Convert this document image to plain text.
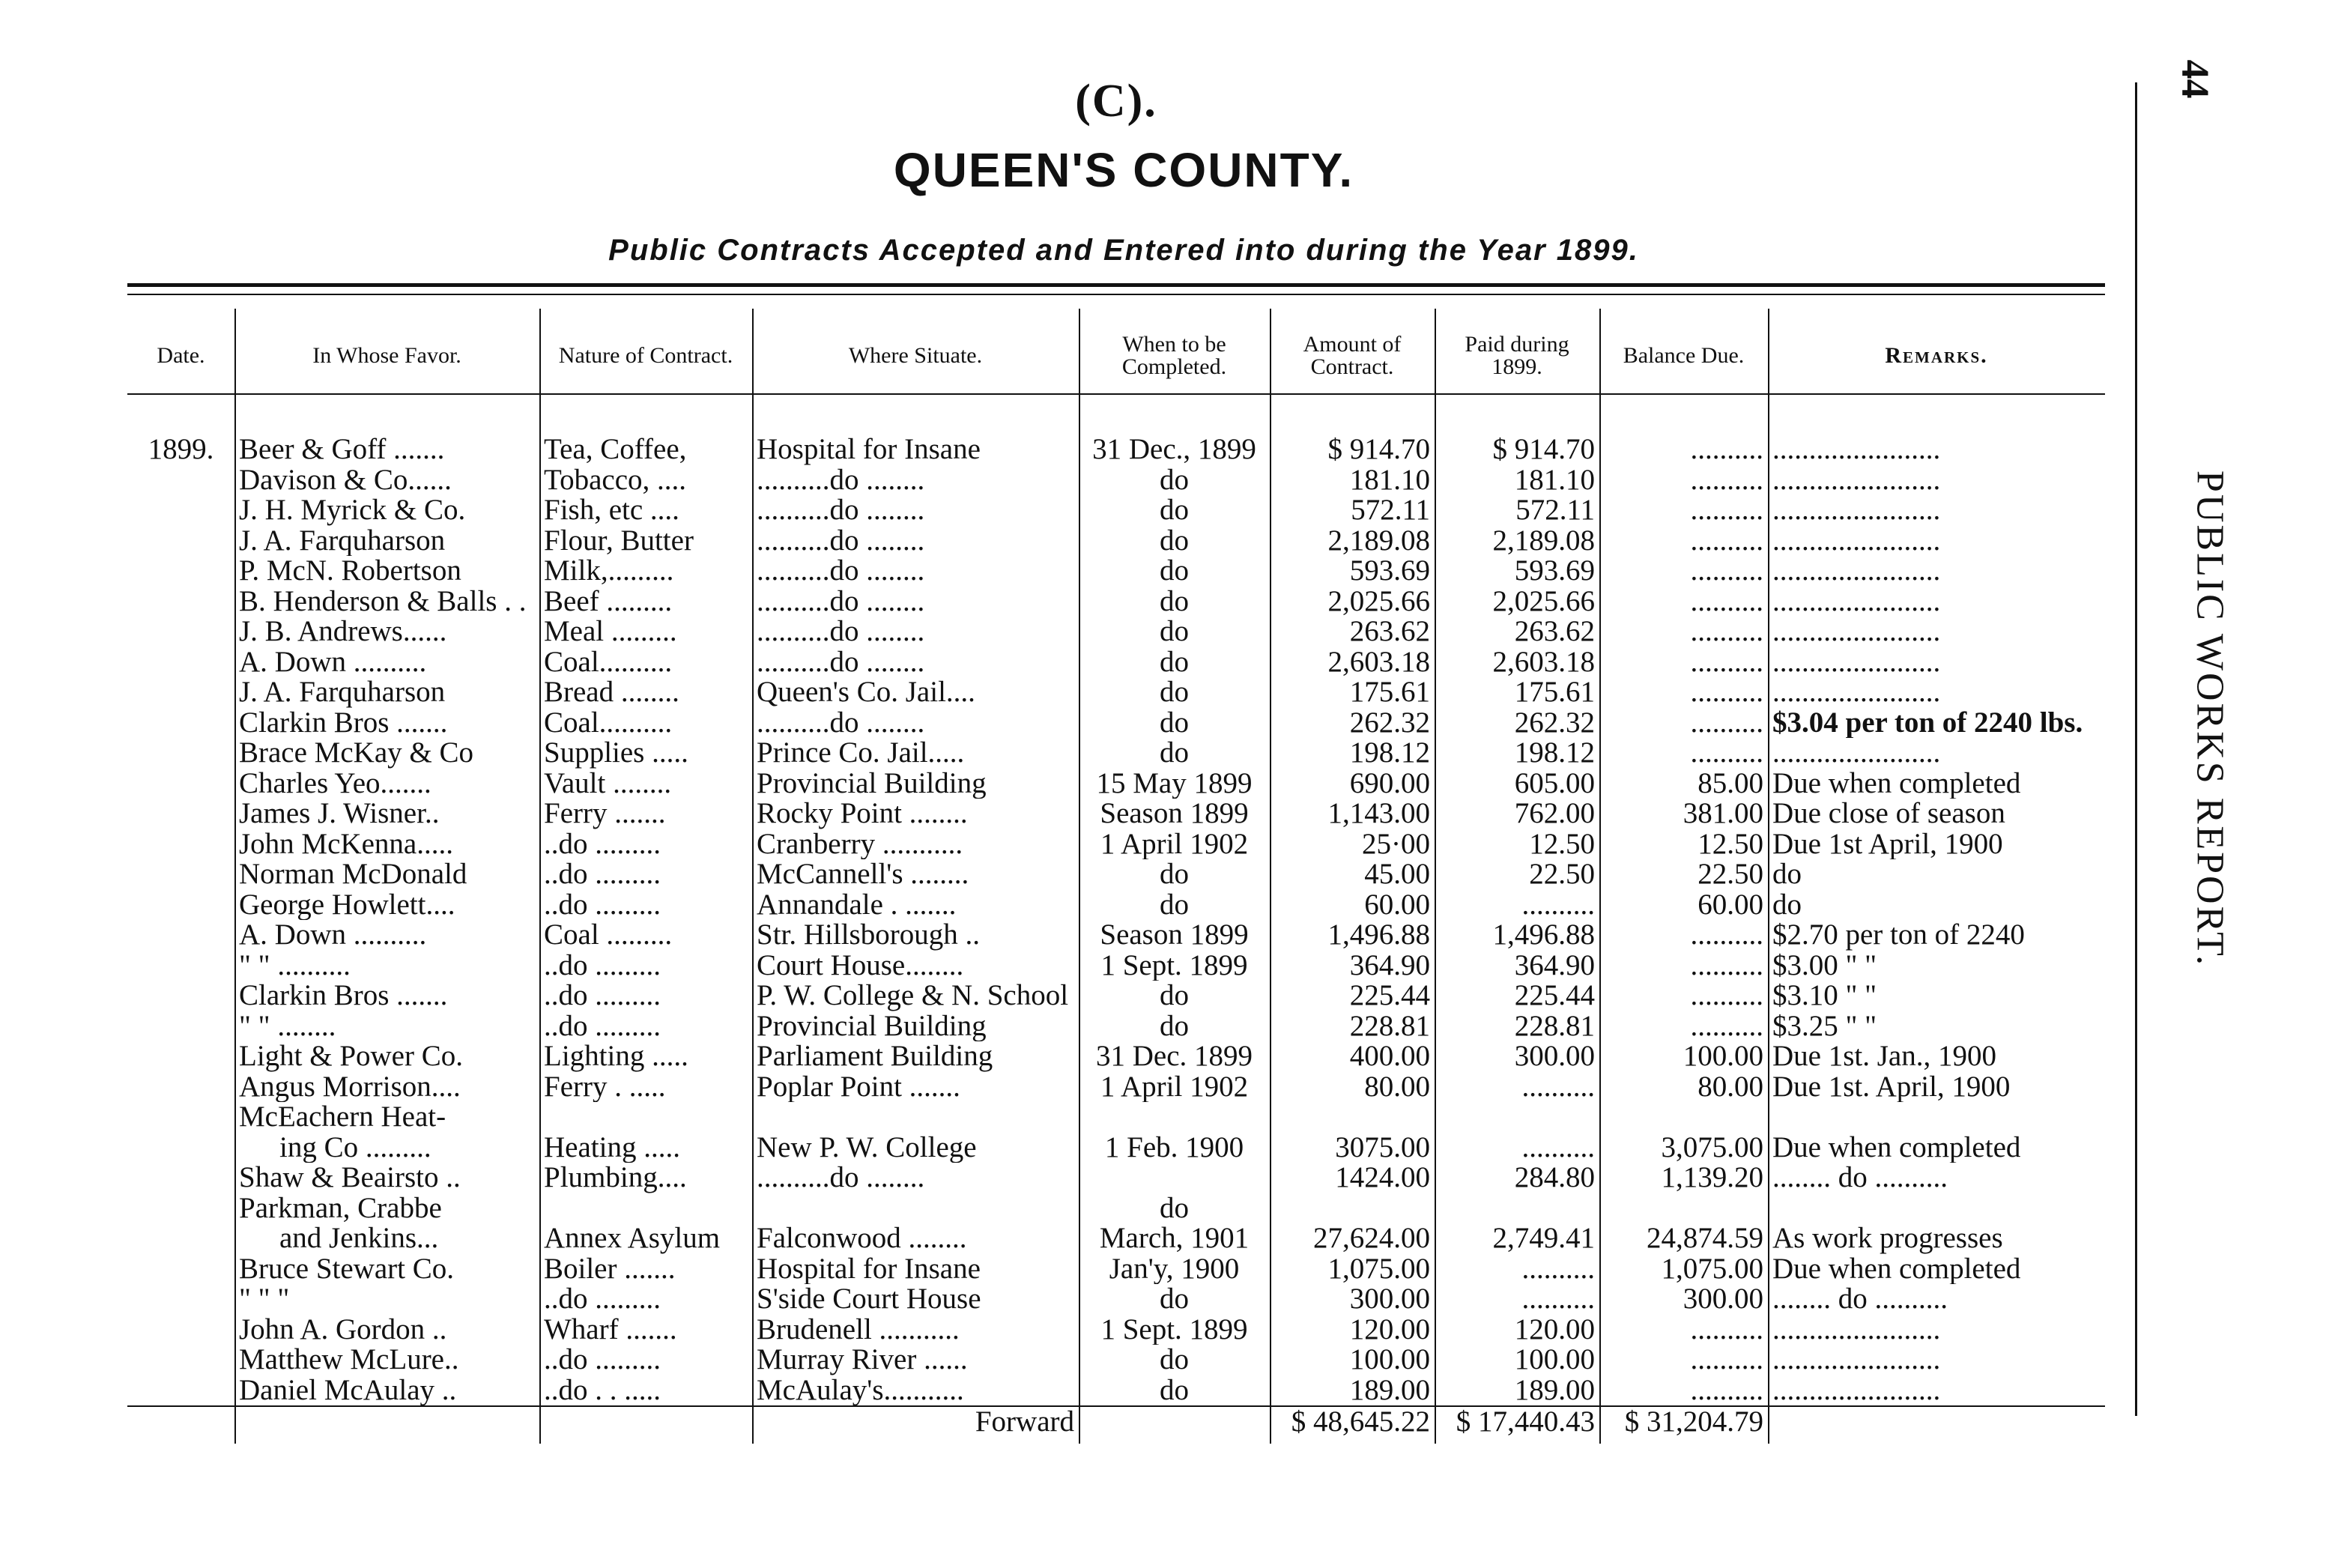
(C).
QUEEN'S COUNTY.
Public Contracts Accepted and Entered into during the Year 1899.
44
PUBLIC WORKS REPORT.
Date.	In Whose Favor.	Nature of Contract.	Where Situate.	When to be Completed.	Amount of Contract.	Paid during 1899.	Balance Due.	Remarks.

1899.	Beer & Goff .......	Tea, Coffee,	Hospital for Insane	31 Dec., 1899	$ 914.70	$ 914.70	..........	.......................
	Davison & Co......	Tobacco, ....	..........do ........	do	181.10	181.10	..........	.......................
	J. H. Myrick & Co.	Fish, etc ....	..........do ........	do	572.11	572.11	..........	.......................
	J. A. Farquharson	Flour, Butter	..........do ........	do	2,189.08	2,189.08	..........	.......................
	P. McN. Robertson	Milk,.........	..........do ........	do	593.69	593.69	..........	.......................
	B. Henderson & Balls . .	Beef .........	..........do ........	do	2,025.66	2,025.66	..........	.......................
	J. B. Andrews......	Meal .........	..........do ........	do	263.62	263.62	..........	.......................
	A. Down ..........	Coal..........	..........do ........	do	2,603.18	2,603.18	..........	.......................
	J. A. Farquharson	Bread ........	Queen's Co. Jail....	do	175.61	175.61	..........	.......................
	Clarkin Bros .......	Coal..........	..........do ........	do	262.32	262.32	..........	$3.04 per ton of 2240 lbs.
	Brace McKay & Co	Supplies .....	Prince Co. Jail.....	do	198.12	198.12	..........	.......................
	Charles Yeo.......	Vault ........	Provincial Building	15 May 1899	690.00	605.00	85.00	Due when completed
	James J. Wisner..	Ferry .......	Rocky Point ........	Season 1899	1,143.00	762.00	381.00	Due close of season
	John McKenna.....	..do .........	Cranberry ...........	1 April 1902	25·00	12.50	12.50	Due 1st April, 1900
	Norman McDonald	..do .........	McCannell's ........	do	45.00	22.50	22.50	do
	George Howlett....	..do .........	Annandale . .......	do	60.00	..........	60.00	do
	A. Down ..........	Coal .........	Str. Hillsborough ..	Season 1899	1,496.88	1,496.88	..........	$2.70 per ton of 2240
	" " ..........	..do .........	Court House........	1 Sept. 1899	364.90	364.90	..........	$3.00 " "
	Clarkin Bros .......	..do .........	P. W. College & N. School	do	225.44	225.44	..........	$3.10 " "
	" " ........	..do .........	Provincial Building	do	228.81	228.81	..........	$3.25 " "
	Light & Power Co.	Lighting .....	Parliament Building	31 Dec. 1899	400.00	300.00	100.00	Due 1st. Jan., 1900
	Angus Morrison....	Ferry . .....	Poplar Point .......	1 April 1902	80.00	..........	80.00	Due 1st. April, 1900
	McEachern Heat-							
	ing Co .........	Heating .....	New P. W. College	1 Feb. 1900	3075.00	..........	3,075.00	Due when completed
	Shaw & Beairsto ..	Plumbing....	..........do ........		1424.00	284.80	1,139.20	........ do ..........
	Parkman, Crabbe			do				
	and Jenkins...	Annex Asylum	Falconwood ........	March, 1901	27,624.00	2,749.41	24,874.59	As work progresses
	Bruce Stewart Co.	Boiler .......	Hospital for Insane	Jan'y, 1900	1,075.00	..........	1,075.00	Due when completed
	" " "	..do .........	S'side Court House	do	300.00	..........	300.00	........ do ..........
	John A. Gordon ..	Wharf .......	Brudenell ...........	1 Sept. 1899	120.00	120.00	..........	.......................
	Matthew McLure..	..do .........	Murray River ......	do	100.00	100.00	..........	.......................
	Daniel McAulay ..	..do . . .....	McAulay's...........	do	189.00	189.00	..........	.......................
			Forward		$ 48,645.22	$ 17,440.43	$ 31,204.79	
